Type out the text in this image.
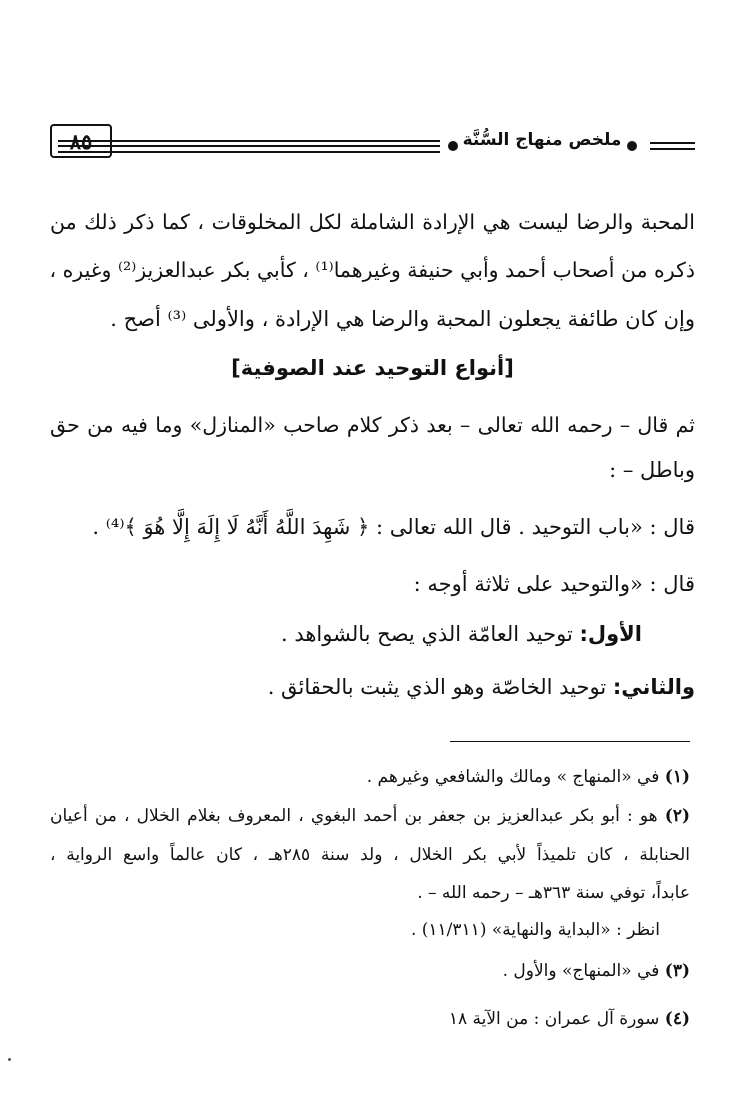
٨٥	ملخص منهاج السُّنَّة
المحبة والرضا ليست هي الإرادة الشاملة لكل المخلوقات ، كما ذكر ذلك من
ذكره من أصحاب أحمد وأبي حنيفة وغيرهما⁽¹⁾ ، كأبي بكر عبدالعزيز⁽²⁾ وغيره ،
وإن كان طائفة يجعلون المحبة والرضا هي الإرادة ، والأولى ⁽³⁾ أصح .
[أنواع التوحيد عند الصوفية]
ثم قال – رحمه الله تعالى – بعد ذكر كلام صاحب «المنازل» وما فيه من حق
وباطل – :
قال : «باب التوحيد . قال الله تعالى : ﴿ شَهِدَ اللَّهُ أَنَّهُ لَا إِلَهَ إِلَّا هُوَ ﴾⁽⁴⁾ .
قال : «والتوحيد على ثلاثة أوجه :
الأول: توحيد العامّة الذي يصح بالشواهد .
والثاني: توحيد الخاصّة وهو الذي يثبت بالحقائق .
(١) في «المنهاج » ومالك والشافعي وغيرهم .
(٢) هو : أبو بكر عبدالعزيز بن جعفر بن أحمد البغوي ، المعروف بغلام الخلال ، من أعيان
الحنابلة ، كان تلميذاً لأبي بكر الخلال ، ولد سنة ٢٨٥هـ ، كان عالماً واسع الرواية ،
عابداً، توفي سنة ٣٦٣هـ – رحمه الله – .
انظر : «البداية والنهاية» (١١/٣١١) .
(٣) في «المنهاج» والأول .
(٤) سورة آل عمران : من الآية ١٨
